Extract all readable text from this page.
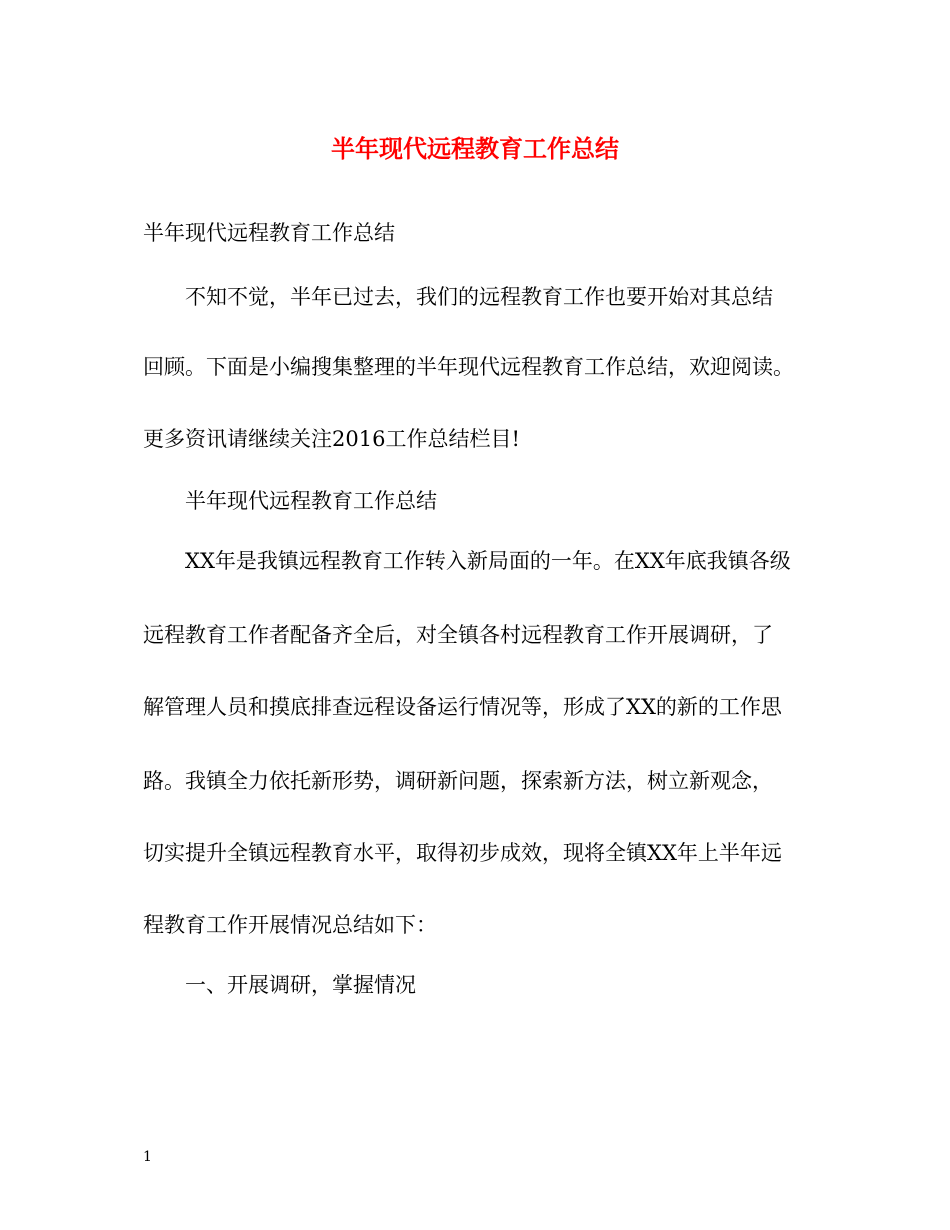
半年现代远程教育工作总结
半年现代远程教育工作总结
不知不觉，半年已过去，我们的远程教育工作也要开始对其总结
回顾。下面是小编搜集整理的半年现代远程教育工作总结，欢迎阅读。
更多资讯请继续关注2016工作总结栏目!
半年现代远程教育工作总结
XX年是我镇远程教育工作转入新局面的一年。在XX年底我镇各级
远程教育工作者配备齐全后，对全镇各村远程教育工作开展调研，了
解管理人员和摸底排查远程设备运行情况等，形成了XX的新的工作思
路。我镇全力依托新形势，调研新问题，探索新方法，树立新观念，
切实提升全镇远程教育水平，取得初步成效，现将全镇XX年上半年远
程教育工作开展情况总结如下：
一、开展调研，掌握情况
1
